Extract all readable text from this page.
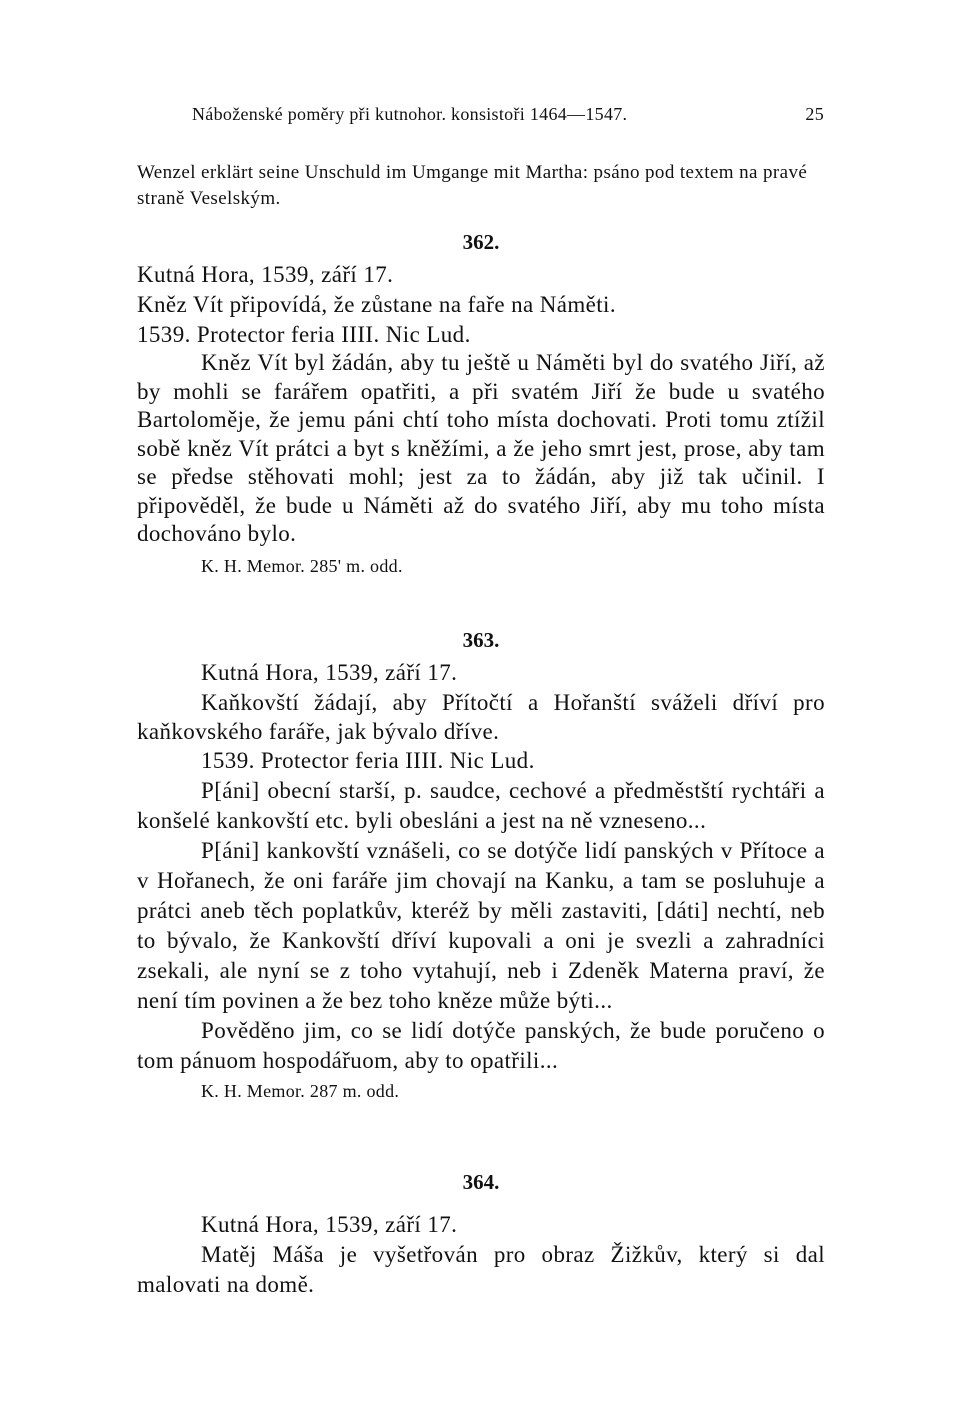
Náboženské poměry při kutnohor. konsistoři 1464—1547.	25
Wenzel erklärt seine Unschuld im Umgange mit Martha: psáno pod textem na pravé straně Veselským.
362.
Kutná Hora, 1539, září 17.
Kněz Vít připovídá, že zůstane na faře na Náměti.
1539. Protector feria IIII. Nic Lud.
Kněz Vít byl žádán, aby tu ještě u Náměti byl do svatého Jiří, až by mohli se farářem opatřiti, a při svatém Jiří že bude u svatého Bartoloměje, že jemu páni chtí toho místa dochovati. Proti tomu ztížil sobě kněz Vít prátci a byt s kněžími, a že jeho smrt jest, prose, aby tam se předse stěhovati mohl; jest za to žádán, aby již tak učinil. I připověděl, že bude u Náměti až do svatého Jiří, aby mu toho místa dochováno bylo.
K. H. Memor. 285' m. odd.
363.
Kutná Hora, 1539, září 17.
Kaňkovští žádají, aby Přítočtí a Hořanští sváželi dříví pro kaňkovského faráře, jak bývalo dříve.
1539. Protector feria IIII. Nic Lud.
P[áni] obecní starší, p. saudce, cechové a předměstští rychtáři a konšelé kankovští etc. byli obesláni a jest na ně vzneseno...
P[áni] kankovští vznášeli, co se dotýče lidí panských v Přítoce a v Hořanech, že oni faráře jim chovají na Kanku, a tam se posluhuje a prátci aneb těch poplatkův, kteréž by měli zastaviti, [dáti] nechtí, neb to bývalo, že Kankovští dříví kupovali a oni je svezli a zahradníci zsekali, ale nyní se z toho vytahují, neb i Zdeněk Materna praví, že není tím povinen a že bez toho kněze může býti...
Pověděno jim, co se lidí dotýče panských, že bude poručeno o tom pánuom hospodářuom, aby to opatřili...
K. H. Memor. 287 m. odd.
364.
Kutná Hora, 1539, září 17.
Matěj Máša je vyšetřován pro obraz Žižkův, který si dal malovati na domě.
